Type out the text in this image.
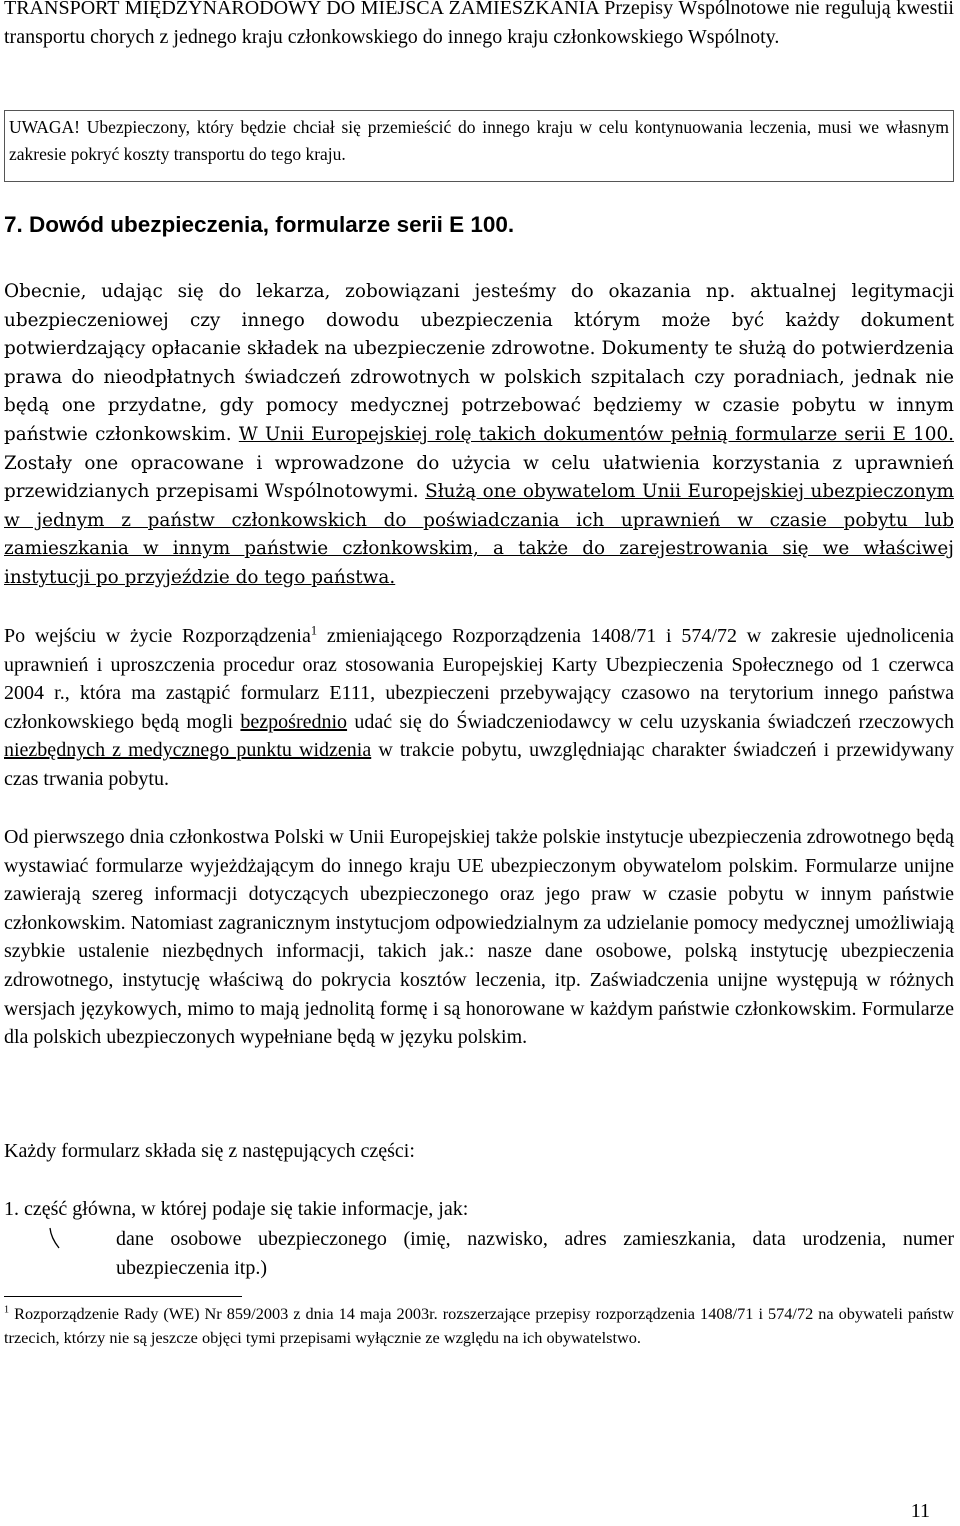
TRANSPORT MIĘDZYNARODOWY DO MIEJSCA ZAMIESZKANIA Przepisy Wspólnotowe nie regulują kwestii transportu chorych z jednego kraju członkowskiego do innego kraju członkowskiego Wspólnoty.

UWAGA! Ubezpieczony, który będzie chciał się przemieścić do innego kraju w celu kontynuowania leczenia, musi we własnym zakresie pokryć koszty transportu do tego kraju.
7. Dowód ubezpieczenia, formularze serii E 100.

Obecnie, udając się do lekarza, zobowiązani jesteśmy do okazania np. aktualnej legitymacji ubezpieczeniowej czy innego dowodu ubezpieczenia którym może być każdy dokument potwierdzający opłacanie składek na ubezpieczenie zdrowotne. Dokumenty te służą do potwierdzenia prawa do nieodpłatnych świadczeń zdrowotnych w polskich szpitalach czy poradniach, jednak nie będą one przydatne, gdy pomocy medycznej potrzebować będziemy w czasie pobytu w innym państwie członkowskim. W Unii Europejskiej rolę takich dokumentów pełnią formularze serii E 100. Zostały one opracowane i wprowadzone do użycia w celu ułatwienia korzystania z uprawnień przewidzianych przepisami Wspólnotowymi. Służą one obywatelom Unii Europejskiej ubezpieczonym w jednym z państw członkowskich do poświadczania ich uprawnień w czasie pobytu lub zamieszkania w innym państwie członkowskim, a także do zarejestrowania się we właściwej instytucji po przyjeździe do tego państwa.

Po wejściu w życie Rozporządzenia$^1$ zmieniającego Rozporządzenia 1408/71 i 574/72 w zakresie ujednolicenia uprawnień i uproszczenia procedur oraz stosowania Europejskiej Karty Ubezpieczenia Społecznego od 1 czerwca 2004 r., która ma zastąpić formularz E111, ubezpieczeni przebywający czasowo na terytorium innego państwa członkowskiego będą mogli bezpośrednio udać się do Świadczeniodawcy w celu uzyskania świadczeń rzeczowych niezbędnych z medycznego punktu widzenia w trakcie pobytu, uwzględniając charakter świadczeń i przewidywany czas trwania pobytu.

Od pierwszego dnia członkostwa Polski w Unii Europejskiej także polskie instytucje ubezpieczenia zdrowotnego będą wystawiać formularze wyjeżdżającym do innego kraju UE ubezpieczonym obywatelom polskim. Formularze unijne zawierają szereg informacji dotyczących ubezpieczonego oraz jego praw w czasie pobytu w innym państwie członkowskim. Natomiast zagranicznym instytucjom odpowiedzialnym za udzielanie pomocy medycznej umożliwiają szybkie ustalenie niezbędnych informacji, takich jak.: nasze dane osobowe, polską instytucję ubezpieczenia zdrowotnego, instytucję właściwą do pokrycia kosztów leczenia, itp. Zaświadczenia unijne występują w różnych wersjach językowych, mimo to mają jednolitą formę i są honorowane w każdym państwie członkowskim. Formularze dla polskich ubezpieczonych wypełniane będą w języku polskim.

Każdy formularz składa się z następujących części:

1. część główna, w której podaje się takie informacje, jak:

dane osobowe ubezpieczonego (imię, nazwisko, adres zamieszkania, data urodzenia, numer ubezpieczenia itp.)

$^1$ Rozporządzenie Rady (WE) Nr 859/2003 z dnia 14 maja 2003r. rozszerzające przepisy rozporządzenia 1408/71 i 574/72 na obywateli państw trzecich, którzy nie są jeszcze objęci tymi przepisami wyłącznie ze względu na ich obywatelstwo.

11
